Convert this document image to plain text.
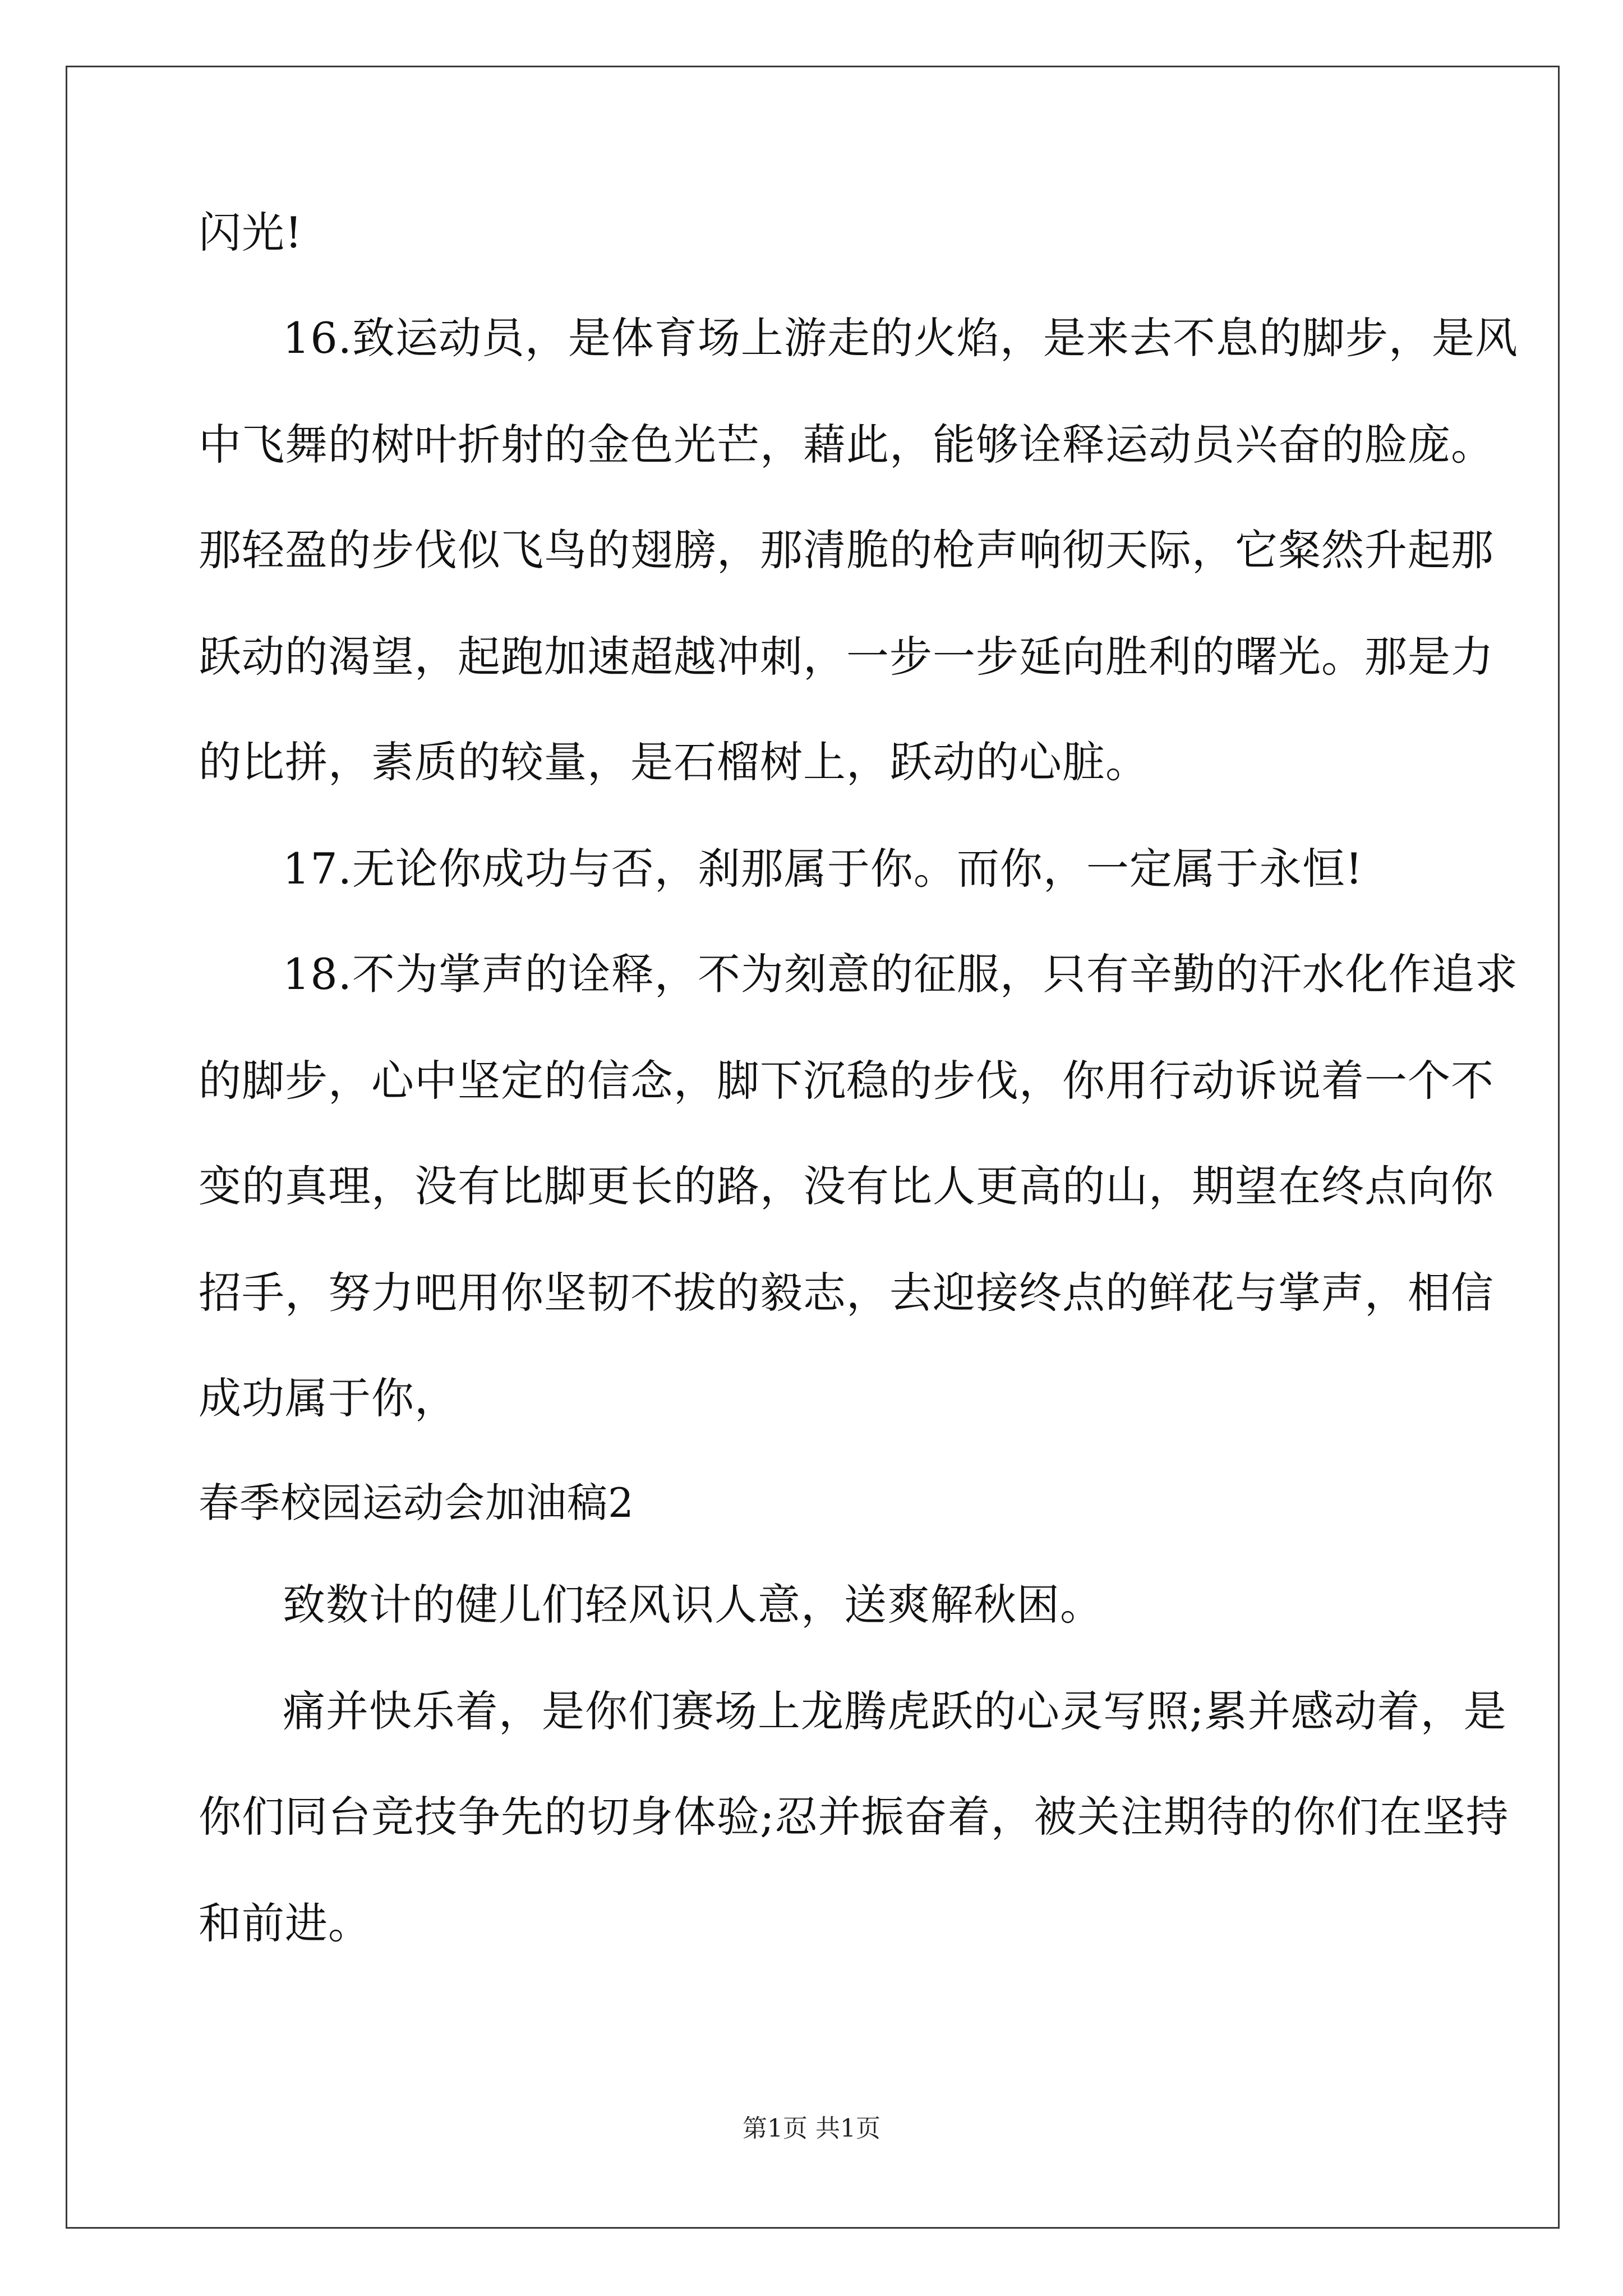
闪光!
16.致运动员，是体育场上游走的火焰，是来去不息的脚步，是风
中飞舞的树叶折射的金色光芒，藉此，能够诠释运动员兴奋的脸庞。
那轻盈的步伐似飞鸟的翅膀，那清脆的枪声响彻天际，它粲然升起那
跃动的渴望，起跑加速超越冲刺，一步一步延向胜利的曙光。那是力
的比拼，素质的较量，是石榴树上，跃动的心脏。
17.无论你成功与否，刹那属于你。而你，一定属于永恒!
18.不为掌声的诠释，不为刻意的征服，只有辛勤的汗水化作追求
的脚步，心中坚定的信念，脚下沉稳的步伐，你用行动诉说着一个不
变的真理，没有比脚更长的路，没有比人更高的山，期望在终点向你
招手，努力吧用你坚韧不拔的毅志，去迎接终点的鲜花与掌声，相信
成功属于你，
春季校园运动会加油稿2
致数计的健儿们轻风识人意，送爽解秋困。
痛并快乐着，是你们赛场上龙腾虎跃的心灵写照;累并感动着，是
你们同台竞技争先的切身体验;忍并振奋着，被关注期待的你们在坚持
和前进。
第1页 共1页
